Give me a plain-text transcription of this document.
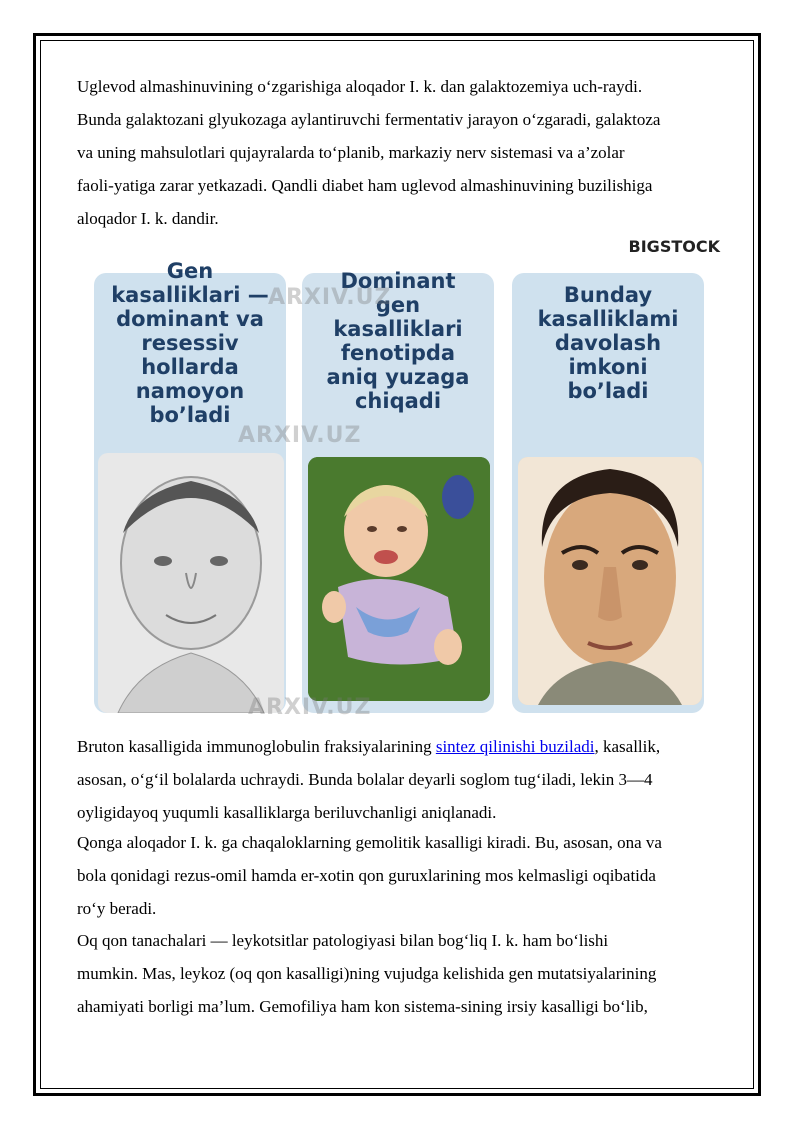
Uglevod almashinuvining o‘zgarishiga aloqador I. k. dan galaktozemiya uch-raydi.
Bunda galaktozani glyukozaga aylantiruvchi fermentativ jarayon o‘zgaradi, galaktoza
va uning mahsulotlari qujayralarda to‘planib, markaziy nerv sistemasi va a’zolar
faoli-yatiga zarar yetkazadi. Qandli diabet ham uglevod almashinuvining buzilishiga
aloqador I. k. dandir.

BIGSTOCK
Gen
kasalliklari —
dominant va
resessiv
hollarda
namoyon
bo’ladi
Dominant
gen
kasalliklari
fenotipda
aniq yuzaga
chiqadi
Bunday
kasalliklami
davolash
imkoni
bo’ladi
ARXIV.UZ
ARXIV.UZ
ARXIV.UZ

Bruton kasalligida immunoglobulin fraksiyalarining sintez qilinishi buziladi, kasallik,
asosan, o‘g‘il bolalarda uchraydi. Bunda bolalar deyarli soglom tug‘iladi, lekin 3—4
oyligidayoq yuqumli kasalliklarga beriluvchanligi aniqlanadi.

Qonga aloqador I. k. ga chaqaloklarning gemolitik kasalligi kiradi. Bu, asosan, ona va
bola qonidagi rezus-omil hamda er-xotin qon guruxlarining mos kelmasligi oqibatida
ro‘y beradi.

Oq qon tanachalari — leykotsitlar patologiyasi bilan bog‘liq I. k. ham bo‘lishi
mumkin. Mas, leykoz (oq qon kasalligi)ning vujudga kelishida gen mutatsiyalarining
ahamiyati borligi ma’lum. Gemofiliya ham kon sistema-sining irsiy kasalligi bo‘lib,
